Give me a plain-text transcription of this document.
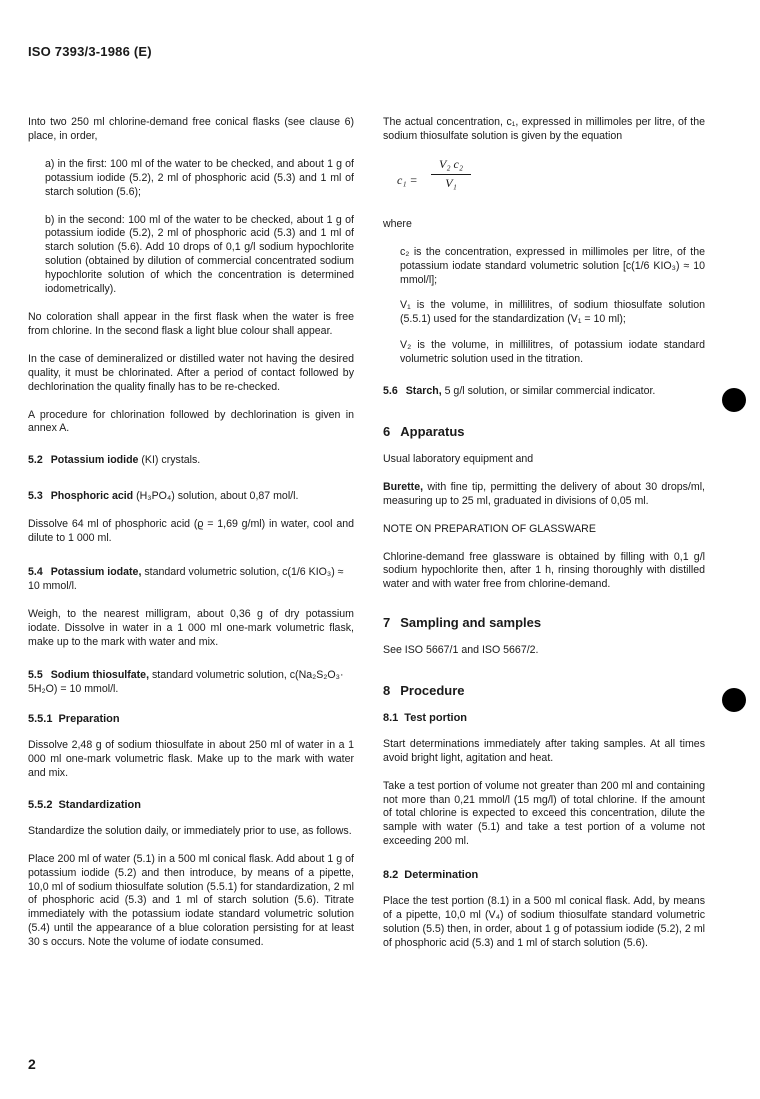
ISO 7393/3-1986 (E)

Into two 250 ml chlorine-demand free conical flasks (see clause 6) place, in order,

a) in the first: 100 ml of the water to be checked, and about 1 g of potassium iodide (5.2), 2 ml of phosphoric acid (5.3) and 1 ml of starch solution (5.6);

b) in the second: 100 ml of the water to be checked, about 1 g of potassium iodide (5.2), 2 ml of phosphoric acid (5.3) and 1 ml of starch solution (5.6). Add 10 drops of 0,1 g/l sodium hypochlorite solution (obtained by dilution of commercial concentrated sodium hypochlorite solution of which the concentration is determined iodometrically).

No coloration shall appear in the first flask when the water is free from chlorine. In the second flask a light blue colour shall appear.

In the case of demineralized or distilled water not having the desired quality, it must be chlorinated. After a period of contact followed by dechlorination the quality finally has to be re-checked.

A procedure for chlorination followed by dechlorination is given in annex A.

5.2 Potassium iodide (KI) crystals.
5.3 Phosphoric acid (H₃PO₄) solution, about 0,87 mol/l.

Dissolve 64 ml of phosphoric acid (ϱ = 1,69 g/ml) in water, cool and dilute to 1 000 ml.

5.4 Potassium iodate, standard volumetric solution, c(1/6 KIO₃) ≈ 10 mmol/l.

Weigh, to the nearest milligram, about 0,36 g of dry potassium iodate. Dissolve in water in a 1 000 ml one-mark volumetric flask, make up to the mark with water and mix.

5.5 Sodium thiosulfate, standard volumetric solution, c(Na₂S₂O₃· 5H₂O) = 10 mmol/l.
5.5.1 Preparation

Dissolve 2,48 g of sodium thiosulfate in about 250 ml of water in a 1 000 ml one-mark volumetric flask. Make up to the mark with water and mix.

5.5.2 Standardization

Standardize the solution daily, or immediately prior to use, as follows.

Place 200 ml of water (5.1) in a 500 ml conical flask. Add about 1 g of potassium iodide (5.2) and then introduce, by means of a pipette, 10,0 ml of sodium thiosulfate solution (5.5.1) for standardization, 2 ml of phosphoric acid (5.3) and 1 ml of starch solution (5.6). Titrate immediately with the potassium iodate standard volumetric solution (5.4) until the appearance of a blue coloration persisting for at least 30 s occurs. Note the volume of iodate consumed.

The actual concentration, c₁, expressed in millimoles per litre, of the sodium thiosulfate solution is given by the equation

$c_1 = \frac{\text{V₂ c₂}}{\text{V₁}}$

where

c₂ is the concentration, expressed in millimoles per litre, of the potassium iodate standard volumetric solution [c(1/6 KIO₃) ≈ 10 mmol/l];

V₁ is the volume, in millilitres, of sodium thiosulfate solution (5.5.1) used for the standardization (V₁ = 10 ml);

V₂ is the volume, in millilitres, of potassium iodate standard volumetric solution used in the titration.

5.6 Starch, 5 g/l solution, or similar commercial indicator.
6 Apparatus

Usual laboratory equipment and

Burette, with fine tip, permitting the delivery of about 30 drops/ml, measuring up to 25 ml, graduated in divisions of 0,05 ml.

NOTE ON PREPARATION OF GLASSWARE

Chlorine-demand free glassware is obtained by filling with 0,1 g/l sodium hypochlorite then, after 1 h, rinsing thoroughly with distilled water and with water free from chlorine-demand.

7 Sampling and samples

See ISO 5667/1 and ISO 5667/2.

8 Procedure
8.1 Test portion

Start determinations immediately after taking samples. At all times avoid bright light, agitation and heat.

Take a test portion of volume not greater than 200 ml and containing not more than 0,21 mmol/l (15 mg/l) of total chlorine. If the amount of total chlorine is expected to exceed this concentration, dilute the sample with water (5.1) and take a test portion of a volume not exceeding 200 ml.

8.2 Determination

Place the test portion (8.1) in a 500 ml conical flask. Add, by means of a pipette, 10,0 ml (V₄) of sodium thiosulfate standard volumetric solution (5.5) then, in order, about 1 g of potassium iodide (5.2), 2 ml of phosphoric acid (5.3) and 1 ml of starch solution (5.6).

2
